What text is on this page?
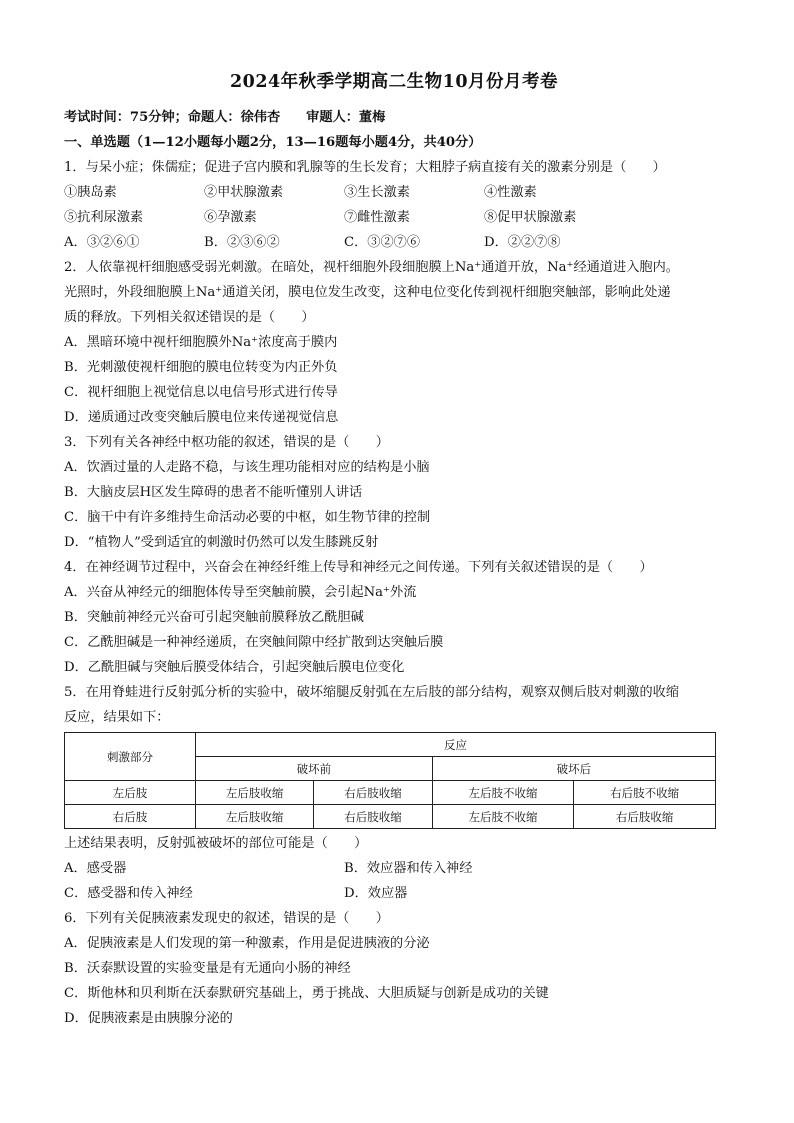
2024年秋季学期高二生物10月份月考卷
考试时间：75分钟；命题人：徐伟杏 审题人：董梅
一、单选题（1—12小题每小题2分，13—16题每小题4分，共40分）
1．与呆小症；侏儒症；促进子宫内膜和乳腺等的生长发育；大粗脖子病直接有关的激素分别是（　　）
①胰岛素	②甲状腺激素	③生长激素	④性激素
⑤抗利尿激素	⑥孕激素	⑦雌性激素	⑧促甲状腺激素
A．③②⑥①	B．②③⑥②	C．③②⑦⑥	D．②②⑦⑧
2．人依靠视杆细胞感受弱光刺激。在暗处，视杆细胞外段细胞膜上Na⁺通道开放，Na⁺经通道进入胞内。
光照时，外段细胞膜上Na⁺通道关闭，膜电位发生改变，这种电位变化传到视杆细胞突触部，影响此处递
质的释放。下列相关叙述错误的是（　　）
A．黑暗环境中视杆细胞膜外Na⁺浓度高于膜内
B．光刺激使视杆细胞的膜电位转变为内正外负
C．视杆细胞上视觉信息以电信号形式进行传导
D．递质通过改变突触后膜电位来传递视觉信息
3．下列有关各神经中枢功能的叙述，错误的是（　　）
A．饮酒过量的人走路不稳，与该生理功能相对应的结构是小脑
B．大脑皮层H区发生障碍的患者不能听懂别人讲话
C．脑干中有许多维持生命活动必要的中枢，如生物节律的控制
D．“植物人”受到适宜的刺激时仍然可以发生膝跳反射
4．在神经调节过程中，兴奋会在神经纤维上传导和神经元之间传递。下列有关叙述错误的是（　　）
A．兴奋从神经元的细胞体传导至突触前膜，会引起Na⁺外流
B．突触前神经元兴奋可引起突触前膜释放乙酰胆碱
C．乙酰胆碱是一种神经递质，在突触间隙中经扩散到达突触后膜
D．乙酰胆碱与突触后膜受体结合，引起突触后膜电位变化
5．在用脊蛙进行反射弧分析的实验中，破坏缩腿反射弧在左后肢的部分结构，观察双侧后肢对刺激的收缩
反应，结果如下：
刺激部分	反应			
	破坏前		破坏后	
左后肢	左后肢收缩	右后肢收缩	左后肢不收缩	右后肢不收缩
右后肢	左后肢收缩	右后肢收缩	左后肢不收缩	右后肢收缩
上述结果表明，反射弧被破坏的部位可能是（　　）
A．感受器	B．效应器和传入神经
C．感受器和传入神经	D．效应器
6．下列有关促胰液素发现史的叙述，错误的是（　　）
A．促胰液素是人们发现的第一种激素，作用是促进胰液的分泌
B．沃泰默设置的实验变量是有无通向小肠的神经
C．斯他林和贝利斯在沃泰默研究基础上，勇于挑战、大胆质疑与创新是成功的关键
D．促胰液素是由胰腺分泌的
